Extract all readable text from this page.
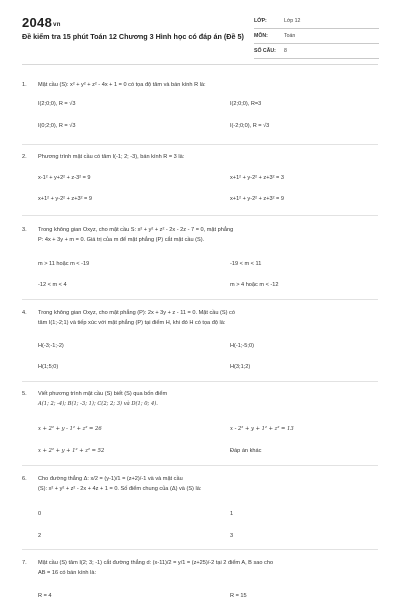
2048vn
Đề kiểm tra 15 phút Toán 12 Chương 3 Hình học có đáp án (Đề 5)
LỚP:	Lớp 12
MÔN:	Toán
SỐ CÂU:	8
1. Mặt cầu (S): x² + y² + z² - 4x + 1 = 0 có tọa độ tâm và bán kính R là:
I(2;0;0), R = √3	I(2;0;0), R=3
I(0;2;0), R = √3	I(-2;0;0), R = √3
2. Phương trình mặt cầu có tâm I(-1; 2; -3), bán kính R = 3 là:
x-1² + y+2² + z-3² = 9	x+1² + y-2² + z+3² = 3
x+1² + y-2² + z+3² = 9	x+1² + y-2² + z+3² = 9
3. Trong không gian Oxyz, cho mặt cầu S: x² + y² + z² - 2x - 2z - 7 = 0, mặt phẳng
P: 4x + 3y + m = 0. Giá trị của m để mặt phẳng (P) cắt mặt cầu (S).
m > 11 hoặc m < -19	-19 < m < 11
-12 < m < 4	m > 4 hoặc m < -12
4. Trong không gian Oxyz, cho mặt phẳng (P): 2x + 3y + z - 11 = 0. Mặt cầu (S) có
tâm I(1;-2;1) và tiếp xúc với mặt phẳng (P) tại điểm H, khi đó H có tọa độ là:
H(-3;-1;-2)	H(-1;-5;0)
H(1;5;0)	H(3;1;2)
5. Viết phương trình mặt cầu (S) biết (S) qua bốn điểm
A(1; 2; -4); B(1; -3; 1); C(2; 2; 3) và D(1; 0; 4).
x + 2² + y - 1² + z² = 26	x - 2² + y + 1² + z² = 13
x + 2² + y + 1² + z² = 52	Đáp án khác
6. Cho đường thẳng Δ: x/2 = (y-1)/1 = (z+2)/-1 và và mặt cầu
(S): x² + y² + z² - 2x + 4z + 1 = 0. Số điểm chung của (Δ) và (S) là:
0	1
2	3
7. Mặt cầu (S) tâm I(2; 3; -1) cắt đường thẳng d: (x-11)/2 = y/1 = (z+25)/-2 tại 2 điểm A, B sao cho
AB = 16 có bán kính là:
R = 4	R = 15
